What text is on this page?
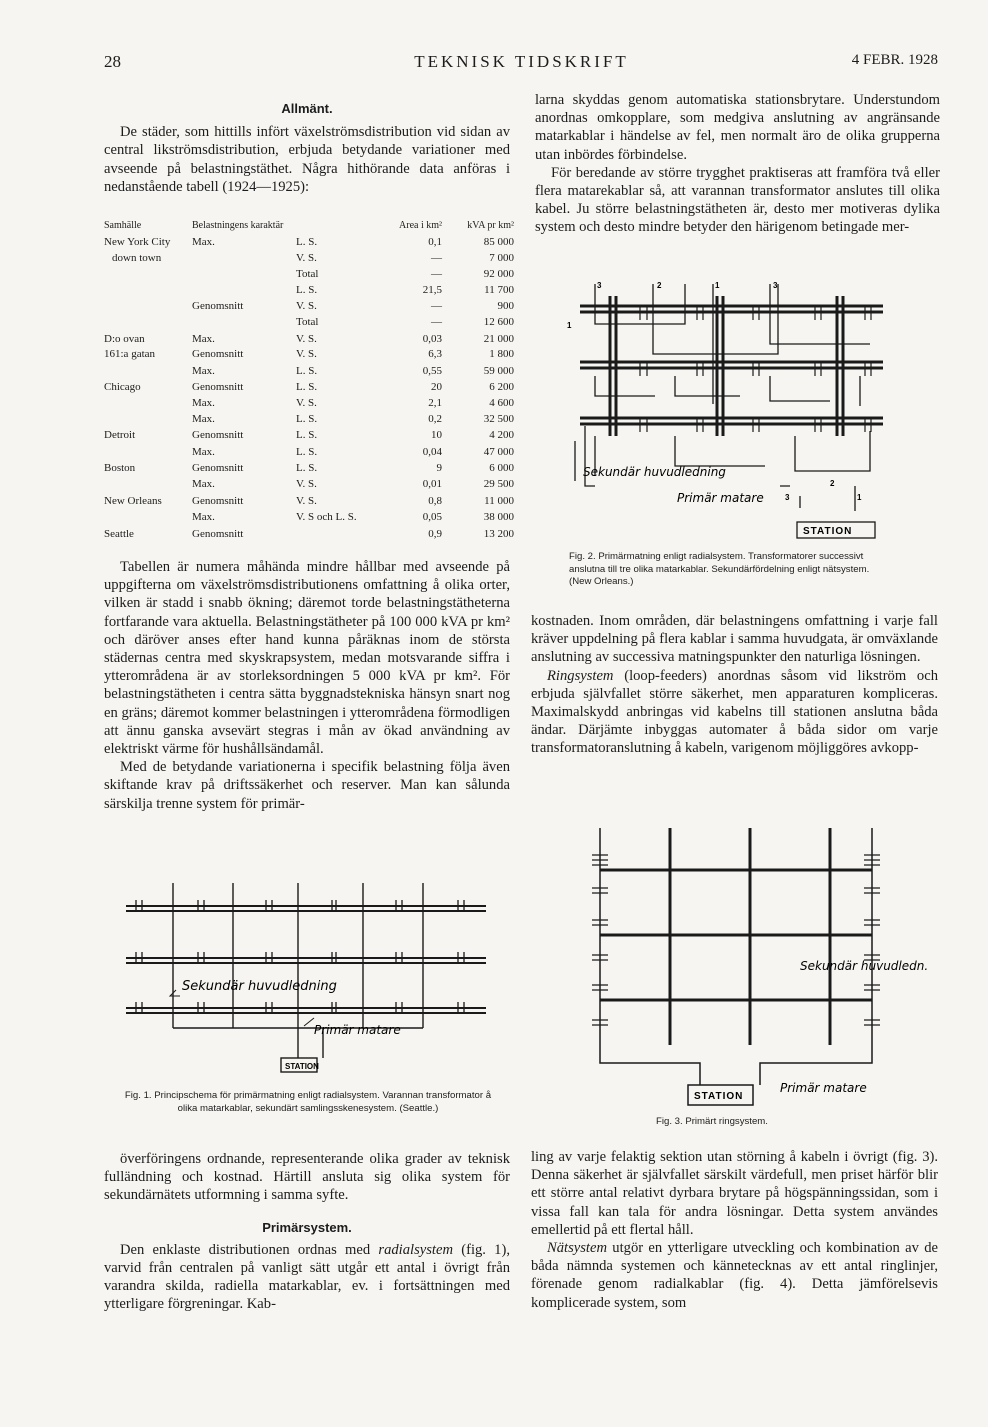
28	TEKNISK TIDSKRIFT	4 FEBR. 1928

Allmänt.

De städer, som hittills infört växelströmsdistribution vid sidan av central likströmsdistribution, erbjuda betydande variationer med avseende på belastningstäthet. Några hithörande data anföras i nedanstående tabell (1924—1925):

Samhälle	Belastningens karaktär		Area i km²	kVA pr km²
New York City
down town	Max.	L. S.	0,1	85 000
		V. S.	—	7 000
		Total	—	92 000
		L. S.	21,5	11 700
	Genomsnitt	V. S.	—	900
		Total	—	12 600
D:o ovan	Max.	V. S.	0,03	21 000
161:a gatan	Genomsnitt	V. S.	6,3	1 800
	Max.	L. S.	0,55	59 000
Chicago	Genomsnitt	L. S.	20	6 200
	Max.	V. S.	2,1	4 600
	Max.	L. S.	0,2	32 500
Detroit	Genomsnitt	L. S.	10	4 200
	Max.	L. S.	0,04	47 000
Boston	Genomsnitt	L. S.	9	6 000
	Max.	V. S.	0,01	29 500
New Orleans	Genomsnitt	V. S.	0,8	11 000
	Max.	V. S och L. S.	0,05	38 000
Seattle	Genomsnitt		0,9	13 200

Tabellen är numera måhända mindre hållbar med avseende på uppgifterna om växelströmsdistributionens omfattning å olika orter, vilken är stadd i snabb ökning; däremot torde belastningstätheterna fortfarande vara aktuella. Belastningstätheter på 100 000 kVA pr km² och däröver anses efter hand kunna påräknas inom de största städernas centra med skyskrapsystem, medan motsvarande siffra i ytterområdena är av storleksordningen 5 000 kVA pr km². För belastningstätheten i centra sätta byggnadstekniska hänsyn snart nog en gräns; däremot kommer belastningen i ytterområdena förmodligen att ännu ganska avsevärt stegras i mån av ökad användning av elektriskt värme för hushållsändamål.

Med de betydande variationerna i specifik belastning följa även skiftande krav på driftssäkerhet och reserver. Man kan sålunda särskilja trenne system för primär-

Sekundär huvudledning
Primär matare
STATION
Fig. 1. Principschema för primärmatning enligt radialsystem. Varannan transformator å olika matarkablar, sekundärt samlingsskenesystem. (Seattle.)

överföringens ordnande, representerande olika grader av teknisk fulländning och kostnad. Härtill ansluta sig olika system för sekundärnätets utformning i samma syfte.

Primärsystem.

Den enklaste distributionen ordnas med radialsystem (fig. 1), varvid från centralen på vanligt sätt utgår ett antal i övrigt från varandra skilda, radiella matarkablar, ev. i fortsättningen med ytterligare förgreningar. Kab-

larna skyddas genom automatiska stationsbrytare. Understundom anordnas omkopplare, som medgiva anslutning av angränsande matarkablar i händelse av fel, men normalt äro de olika grupperna utan inbördes förbindelse.

För beredande av större trygghet praktiseras att framföra två eller flera matarekablar så, att varannan transformator anslutes till olika kabel. Ju större belastningstätheten är, desto mer motiveras dylika system och desto mindre betyder den härigenom betingade mer-

Sekundär huvudledning
Primär matare
STATION
3	2	1	3
3
2
1
1
Fig. 2. Primärmatning enligt radialsystem. Transformatorer successivt anslutna till tre olika matarkablar. Sekundärfördelning enligt nätsystem. (New Orleans.)

kostnaden. Inom områden, där belastningens omfattning i varje fall kräver uppdelning på flera kablar i samma huvudgata, är omväxlande anslutning av successiva matningspunkter den naturliga lösningen.

Ringsystem (loop-feeders) anordnas såsom vid likström och erbjuda självfallet större säkerhet, men apparaturen kompliceras. Maximalskydd anbringas vid kabelns till stationen anslutna båda ändar. Därjämte inbyggas automater å båda sidor om varje transformatoranslutning å kabeln, varigenom möjliggöres avkopp-

Sekundär huvudledn.
Primär matare
STATION
Fig. 3. Primärt ringsystem.

ling av varje felaktig sektion utan störning å kabeln i övrigt (fig. 3). Denna säkerhet är självfallet särskilt värdefull, men priset härför blir ett större antal relativt dyrbara brytare på högspänningssidan, som i vissa fall kan tala för andra lösningar. Detta system användes emellertid på ett flertal håll.

Nätsystem utgör en ytterligare utveckling och kombination av de båda nämnda systemen och kännetecknas av ett antal ringlinjer, förenade genom radialkablar (fig. 4). Detta jämförelsevis komplicerade system, som
